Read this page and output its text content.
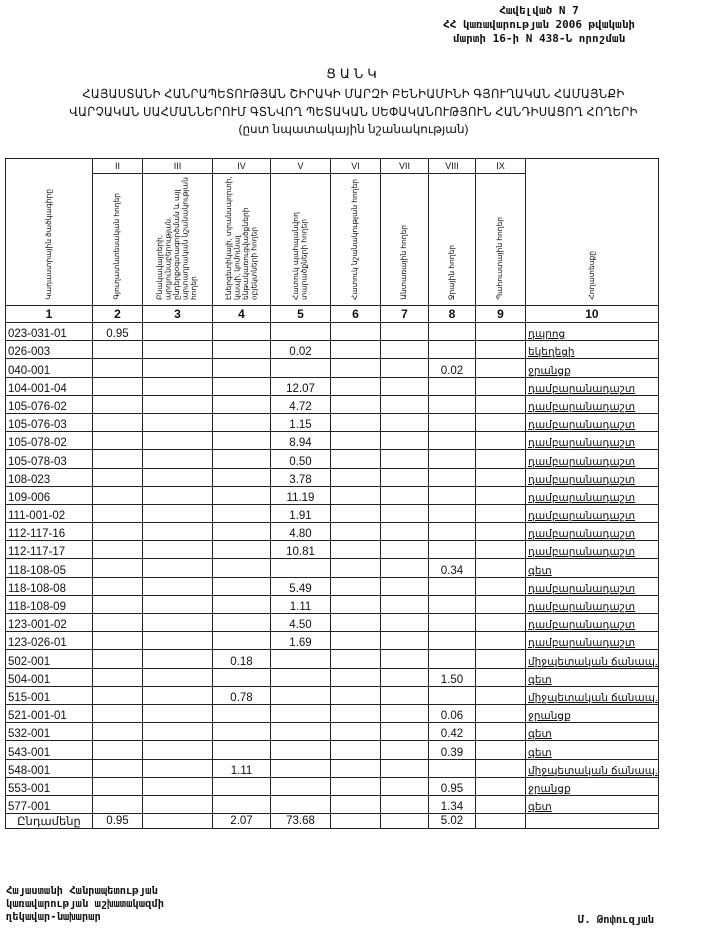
Հավելված N 7
ՀՀ կառավարության 2006 թվականի
մարտի 16-ի N 438-Ն որոշման
ՑԱՆԿ
ՀԱՅԱՍՏԱՆԻ ՀԱՆՐԱՊԵՏՈՒԹՅԱՆ ՇԻՐԱԿԻ ՄԱՐԶԻ ԲԵՆԻԱՄԻՆԻ ԳՅՈՒՂԱԿԱՆ ՀԱՄԱՅՆՔԻ
ՎԱՐՉԱԿԱՆ ՍԱՀՄԱՆՆԵՐՈՒՄ ԳՏՆՎՈՂ ՊԵՏԱԿԱՆ ՍԵՓԱԿԱՆՈՒԹՅՈՒՆ ՀԱՆԴԻՍԱՑՈՂ ՀՈՂԵՐԻ
(ըստ նպատակային նշանակության)
Կադաստրային ծածկագիրը	II	III	IV	V	VI	VII	VIII	IX	Հողատեսքը
	Գյուղատնտեսական հողեր	Բնակավայրերի, արդյունաբերության, ընդերքօգտագործման և այլ արտադրական նշանակության հողեր	Էներգետիկայի, տրանսպորտի, կապի, կոմունալ ենթակառուցվածքների օբյեկտների հողեր	Հատուկ պահպանվող տարածքների հողեր	Հատուկ նշանակության հողեր	Անտառային հողեր	Ջրային հողեր	Պահուստային հողեր	
1	2	3	4	5	6	7	8	9	10
023-031-01	0.95								դպրոց
026-003				0.02					եկեղեցի
040-001							0.02		ջրանցք
104-001-04				12.07					դամբարանադաշտ
105-076-02				4.72					դամբարանադաշտ
105-076-03				1.15					դամբարանադաշտ
105-078-02				8.94					դամբարանադաշտ
105-078-03				0.50					դամբարանադաշտ
108-023				3.78					դամբարանադաշտ
109-006				11.19					դամբարանադաշտ
111-001-02				1.91					դամբարանադաշտ
112-117-16				4.80					դամբարանադաշտ
112-117-17				10.81					դամբարանադաշտ
118-108-05							0.34		գետ
118-108-08				5.49					դամբարանադաշտ
118-108-09				1.11					դամբարանադաշտ
123-001-02				4.50					դամբարանադաշտ
123-026-01				1.69					դամբարանադաշտ
502-001			0.18						միջպետական ճանապ.
504-001							1.50		գետ
515-001			0.78						միջպետական ճանապ.
521-001-01							0.06		ջրանցք
532-001							0.42		գետ
543-001							0.39		գետ
548-001			1.11						միջպետական ճանապ.
553-001							0.95		ջրանցք
577-001							1.34		գետ
Ընդամենը	0.95		2.07	73.68			5.02		
Հայաստանի Հանրապետության
կառավարության աշխատակազմի
ղեկավար-նախարար	Մ. Թոփուզյան
